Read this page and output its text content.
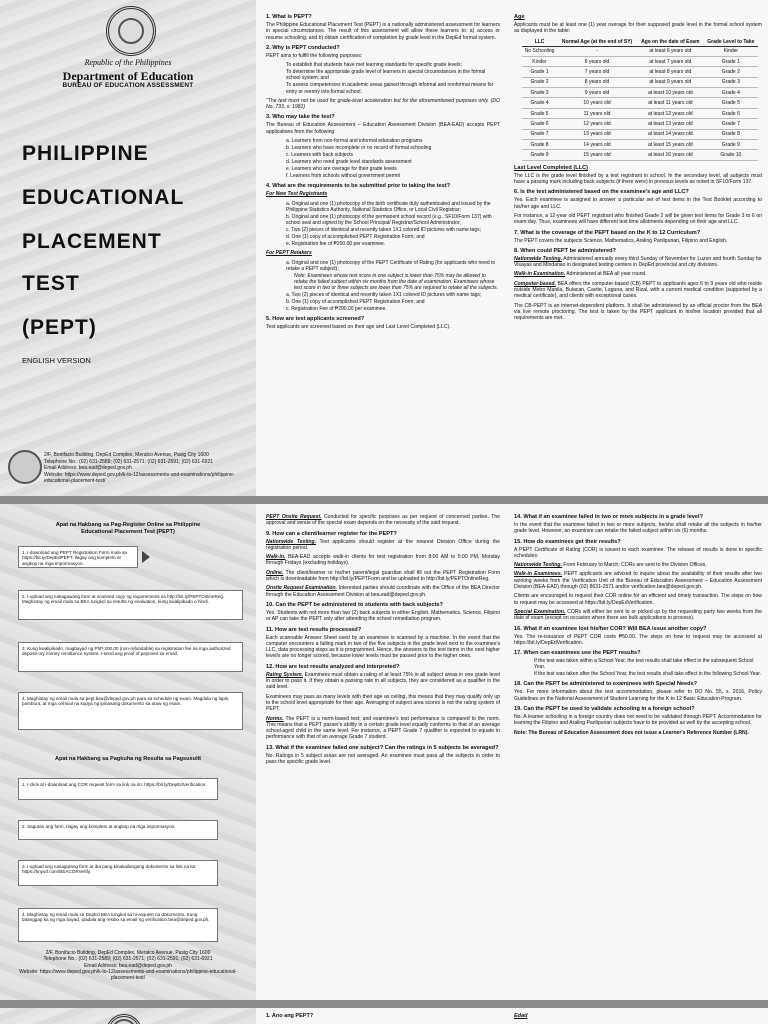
Republic of the Philippines
Department of Education
BUREAU OF EDUCATION ASSESSMENT
PHILIPPINE
EDUCATIONAL
PLACEMENT
TEST
(PEPT)
ENGLISH VERSION
2/F, Bonifacio Building, DepEd Complex, Meralco Avenue, Pasig City 1600
Telephone No.: (02) 631-2589; (02) 631-2571; (02) 631-2591; (02) 631-6921
Email Address: bea.ead@deped.gov.ph
Website: https://www.deped.gov.ph/k-to-12/assessments-and-examinations/philippine-educational-placement-test/
1. What is PEPT?
The Philippine Educational Placement Test (PEPT) is a nationally administered assessment for learners in special circumstances. The result of this assessment will allow these learners to: a) access or resume schooling, and b) obtain certification of completion by grade level in the DepEd formal system.
2. Why is PEPT conducted?
PEPT aims to fulfill the following purposes:
To establish that students have met learning standards for specific grade levels;
To determine the appropriate grade level of learners in special circumstances in the formal school system; and
To assess competencies in academic areas gained through informal and nonformal means for entry or reentry into formal school.
"The test must not be used for grade-level acceleration but for the aforementioned purposes only. (DO No. 733, s. 1981)
3. Who may take the test?
The Bureau of Education Assessment – Education Assessment Division (BEA-EAD) accepts PEPT applications from the following:
a. Learners from non-formal and informal education programs
b. Learners who have incomplete or no record of formal schooling
c. Learners with back subjects
d. Learners who need grade level standards assessment
e. Learners who are overage for their grade levels
f. Learners from schools without government permit
4. What are the requirements to be submitted prior to taking the test?
For New Test Registrants
a. Original and one (1) photocopy of the birth certificate duly authenticated and issued by the Philippine Statistics Authority, National Statistics Office, or Local Civil Registrar;
b. Original and one (1) photocopy of the permanent school record (e.g., SF10/Form 137) with school seal and signed by the School Principal/ Registrar/School Administrator;
c. Two (2) pieces of identical and recently taken 1X1 colored ID pictures with name tags;
d. One (1) copy of accomplished PEPT Registration Form; and
e. Registration fee of ₱200.00 per examinee.
For PEPT Retakers
a. Original and one (1) photocopy of the PEPT Certificate of Rating (for applicants who need to retake a PEPT subject);
Note: Examinees whose test score in one subject is lower than 75% may be allowed to retake the failed subject within six months from the date of examination. Examinees whose test score in two or three subjects are lower than 75% are required to retake all the subjects.
a. Two (2) pieces of identical and recently taken 1X1 colored ID pictures with name tags;
b. One (1) copy of accomplished PEPT Registration Form; and
c. Registration Fee of ₱200.00 per examinee.
5. How are test applicants screened?
Test applicants are screened based on their age and Last Level Completed (LLC).
Age
Applicants must be at least one (1) year overage for their supposed grade level in the formal school system as displayed in the table:
LLC	Normal Age (at the end of SY)	Age on the date of Exam	Grade Level to Take
No Schooling	-	at least 6 years old	Kinder
Kinder	6 years old	at least 7 years old	Grade 1
Grade 1	7 years old	at least 8 years old	Grade 2
Grade 2	8 years old	at least 9 years old	Grade 3
Grade 3	9 years old	at least 10 years old	Grade 4
Grade 4	10 years old	at least 11 years old	Grade 5
Grade 5	11 years old	at least 12 years old	Grade 6
Grade 6	12 years old	at least 13 years old	Grade 7
Grade 7	13 years old	at least 14 years old	Grade 8
Grade 8	14 years old	at least 15 years old	Grade 9
Grade 9	15 years old	at least 16 years old	Grade 10
Last Level Completed (LLC)
The LLC is the grade level finished by a test registrant in school. In the secondary level, all subjects must have a passing mark including back subjects (if there were) in previous levels as noted in SF10/Form 137.
6. Is the test administered based on the examinee's age and LLC?
Yes. Each examinee is assigned to answer a particular set of test items in the Test Booklet according to his/her age and LLC.
For instance, a 12-year old PEPT registrant who finished Grade 2 will be given test items for Grade 3 to 6 on exam day. Thus, examinees will have different test time allotments depending on their age and LLC.
7. What is the coverage of the PEPT based on the K to 12 Curriculum?
The PEPT covers the subjects Science, Mathematics, Araling Panlipunan, Filipino and English.
8. When could PEPT be administered?
Nationwide Testing. Administered annually every third Sunday of November for Luzon and fourth Sunday for Visayas and Mindanao in designated testing centers in DepEd provincial and city divisions.
Walk-in Examination. Administered at BEA all year round.
Computer-based. BEA offers the computer-based (CB) PEPT to applicants ages 6 to 9 years old who reside outside Metro Manila, Bulacan, Cavite, Laguna, and Rizal, with a current medical condition (supported by a medical certificate), and clients with exceptional cases.
The CB-PEPT is an internet-dependent platform. It shall be administered by an official proctor from the BEA via live remote proctoring. The test is taken by the PEPT applicant in his/her location provided that all requirements are met.
Apat na Hakbang sa Pag-Register Online sa Philippine Educational Placement Test (PEPT)
1. I-download ang PEPT Registration Form mula sa https://bit.ly/DepEdPEPT. Ilagay ang kompleto at angkop na mga impormasyon.
2. I-upload ang nakagawang form at scanned copy ng requirements sa http://bit.ly/PEPTOnlineReg. Maghintay ng email mula sa BEA tungkol sa resulta ng evaluation, kung kwalipikado o hindi.
3. Kung kwalipikado, magbayad ng PhP 200.00 (non-refundable) sa registration fee sa mga authorized deposit-ory money remittance system. I-send ang proof of payment sa email.
4. Maghintay ng email mula sa pept.bea@deped.gov.ph para sa schedule ng exam. Magdala ng lapis, pambura, at mga orihinal na kopya ng ipinasang dokumento sa araw ng exam.
Apat na Hakbang sa Pagkuha ng Resulta sa Pagsusulit
1. I-click at i-download ang COR request form sa link na ito: https://bit.ly/DepEdVerification.
2. Sagutan ang form. Ilagay ang kompleto at angkop na mga impormasyon.
3. I-upload ang nasagutang form at iba pang kinakailangang dokumento sa link na ito: https://tinyurl.com/BEACORVerify.
4. Maghintay ng email mula sa DepEd BEA tungkol sa ni-request na dokumento. Kung tatanggap ka ng mga bayad, ipadala ang resibo sa email ng verification.bea@deped.gov.ph.
2/F, Bonifacio Building, DepEd Complex, Meralco Avenue, Pasig City 1600
Telephone No.: (02) 631-2589; (02) 631-2571; (02) 631-2591; (02) 631-6921
Email Address: bea.ead@deped.gov.ph
Website: https://www.deped.gov.ph/k-to-12/assessments-and-examinations/philippine-educational-placement-test/
PEPT Onsite Request. Conducted for specific purposes as per request of concerned parties. The approval and venue of the special exam depends on the necessity of the said request.
9. How can a client/learner register for the PEPT?
Nationwide Testing. Test applicants should register at the nearest Division Office during the registration period.
Walk-in. BEA-EAD accepts walk-in clients for test registration from 8:00 AM to 5:00 PM, Monday through Fridays (excluding holidays).
Online. The client/learner or his/her parent/legal guardian shall fill out the PEPT Registration Form which is downloadable from http://bit.ly/PEPTForm and be uploaded to http://bit.ly/PEPTOnlineReg.
Onsite Request Examination. Interested parties should coordinate with the Office of the BEA Director through the Education Assessment Division at bea.ead@deped.gov.ph.
10. Can the PEPT be administered to students with back subjects?
Yes. Students with not more than two (2) back subjects in either English, Mathematics, Science, Filipino or AP can take the PEPT only after attending the school remediation program.
11. How are test results processed?
Each scannable Answer Sheet used by an examinee is scanned by a machine. In the event that the computer encounters a failing mark in two of the five subjects in the grade level next to the examinee's LLC, data processing stops as it is programmed. Hence, the answers to the test items in the next higher level/s are no longer scored, because lower levels must be passed prior to the higher ones.
12. How are test results analyzed and interpreted?
Rating System. Examinees must obtain a rating of at least 75% in all subject areas in one grade level in order to pass it. If they obtain a passing rate in all subjects, they are considered as a qualifier in the said level.
Examinees may pass as many levels with their age as ceiling, this means that they may qualify only up to the school level appropriate for their age. Averaging of subject area scores is not the rating system of PEPT.
Norms. The PEPT is a norm-based test; and examinee's test performance is compared to the norm. This means that a PEPT passer's ability in a certain grade level equally conforms to that of an average school-aged child in the same level. For instance, a PEPT Grade 7 qualifier is expected to equate in performance with that of an average Grade 7 student.
13. What if the examinee failed one subject? Can the ratings in 5 subjects be averaged?
No. Ratings in 5 subject areas are not averaged. An examinee must pass all the subjects in order to pass the specific grade level.
14. What if an examinee failed in two or more subjects in a grade level?
In the event that the examinee failed in two or more subjects, he/she shall retake all the subjects in his/her grade level. However, an examinee can retake the failed subject within six (6) months.
15. How do examinees get their results?
A PEPT Certificate of Rating (COR) is issued to each examinee. The release of results is done in specific schedules:
Nationwide Testing. From February to March; CORs are sent to the Division Offices.
Walk-in Examinees. PEPT applicants are advised to inquire about the availability of their results after two working weeks from the Verification Unit of the Bureau of Education Assessment – Education Assessment Division (BEA-EAD) through (02) 8631-2571 and/or verification.bea@deped.gov.ph.
Clients are encouraged to request their COR online for an efficient and timely transaction. The steps on how to request may be accessed at https://bit.ly/DepEdVerification.
Special Examination. CORs will either be sent to or picked up by the requesting party two weeks from the date of exam (except on occasion where there are bulk applications to process).
16. What if an examinee lost his/her COR? Will BEA issue another copy?
Yes. The re-issuance of PEPT COR costs ₱50.00. The steps on how to request may be accessed at https://bit.ly/DepEdVerification.
17. When can examinees use the PEPT results?
If the test was taken within a School Year, the test results shall take effect in the subsequent School Year.
If the test was taken after the School Year, the test results shall take effect in the following School Year.
18. Can the PEPT be administered to examinees with Special Needs?
Yes. For more information about the test accommodation, please refer to DO No. 55, s. 2016, Policy Guidelines on the National Assessment of Student Learning for the K to 12 Basic Education Program.
19. Can the PEPT be used to validate schooling in a foreign school?
No. A learner schooling in a foreign country does not need to be validated through PEPT. Accommodation for learning the Filipino and Araling Panlipunan subjects have to be provided as well by the accepting school.
Note: The Bureau of Education Assessment does not issue a Learner's Reference Number (LRN).
1. Ano ang PEPT?	Edad
